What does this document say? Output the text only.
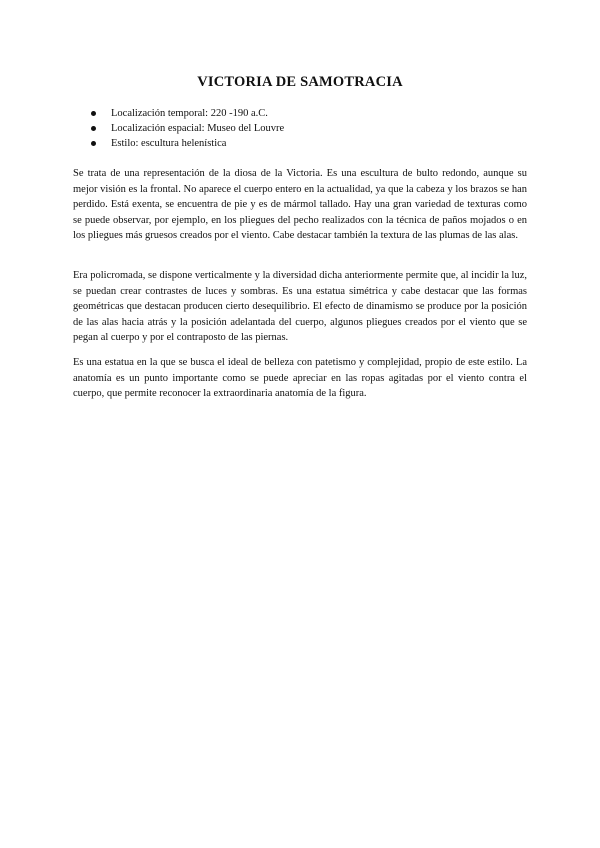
VICTORIA DE SAMOTRACIA
Localización temporal: 220 -190 a.C.
Localización espacial: Museo del Louvre
Estilo: escultura helenística

Se trata de una representación de la diosa de la Victoria. Es una escultura de bulto redondo, aunque su mejor visión es la frontal. No aparece el cuerpo entero en la actualidad, ya que la cabeza y los brazos se han perdido. Está exenta, se encuentra de pie y es de mármol tallado. Hay una gran variedad de texturas como se puede observar, por ejemplo, en los pliegues del pecho realizados con la técnica de paños mojados o en los pliegues más gruesos creados por el viento. Cabe destacar también la textura de las plumas de las alas.

Era policromada, se dispone verticalmente y la diversidad dicha anteriormente permite que, al incidir la luz, se puedan crear contrastes de luces y sombras. Es una estatua simétrica y cabe destacar que las formas geométricas que destacan producen cierto desequilibrio. El efecto de dinamismo se produce por la posición de las alas hacia atrás y la posición adelantada del cuerpo, algunos pliegues creados por el viento que se pegan al cuerpo y por el contraposto de las piernas.

Es una estatua en la que se busca el ideal de belleza con patetismo y complejidad, propio de este estilo. La anatomía es un punto importante como se puede apreciar en las ropas agitadas por el viento contra el cuerpo, que permite reconocer la extraordinaria anatomía de la figura.
